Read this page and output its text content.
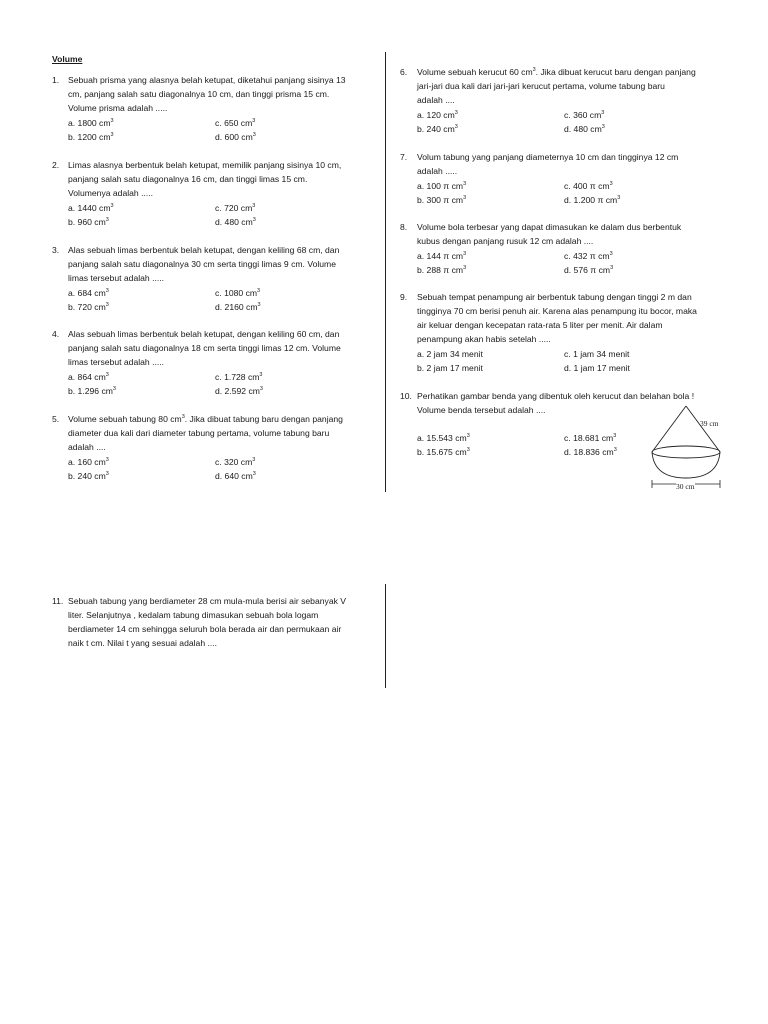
Volume
1. Sebuah prisma yang alasnya belah ketupat, diketahui panjang sisinya 13
cm, panjang salah satu diagonalnya 10 cm, dan tinggi prisma 15 cm.
Volume prisma adalah .....
a. 1800 $cm^3$
b. 1200 $cm^3$
c. 650 $cm^3$
d. 600 $cm^3$
2. Limas alasnya berbentuk belah ketupat, memilik panjang sisinya 10 cm,
panjang salah satu diagonalnya 16 cm, dan tinggi limas 15 cm.
Volumenya adalah .....
a. 1440 $cm^3$
b. 960 $cm^3$
c. 720 $cm^3$
d. 480 $cm^3$
3. Alas sebuah limas berbentuk belah ketupat, dengan keliling 68 cm, dan
panjang salah satu diagonalnya 30 cm serta tinggi limas 9 cm. Volume
limas tersebut adalah .....
a. 684 $cm^3$
b. 720 $cm^3$
c. 1080 $cm^3$
d. 2160 $cm^3$
4. Alas sebuah limas berbentuk belah ketupat, dengan keliling 60 cm, dan
panjang salah satu diagonalnya 18 cm serta tinggi limas 12 cm. Volume
limas tersebut adalah .....
a. 864 $cm^3$
b. 1.296 $cm^3$
c. 1.728 $cm^3$
d. 2.592 $cm^3$
5. Volume sebuah tabung 80 $cm^3$. Jika dibuat tabung baru dengan panjang
diameter dua kali dari diameter tabung pertama, volume tabung baru
adalah ....
a. 160 $cm^3$
b. 240 $cm^3$
c. 320 $cm^3$
d. 640 $cm^3$
6. Volume sebuah kerucut 60 $cm^3$. Jika dibuat kerucut baru dengan panjang
jari-jari dua kali dari jari-jari kerucut pertama, volume tabung baru
adalah ....
a. 120 $cm^3$
b. 240 $cm^3$
c. 360 $cm^3$
d. 480 $cm^3$
7. Volum tabung yang panjang diameternya 10 cm dan tingginya 12 cm
adalah .....
a. 100 π $cm^3$
b. 300 π $cm^3$
c. 400 π $cm^3$
d. 1.200 π $cm^3$
8. Volume bola terbesar yang dapat dimasukan ke dalam dus berbentuk
kubus dengan panjang rusuk 12 cm adalah ....
a. 144 π $cm^3$
b. 288 π $cm^3$
c. 432 π $cm^3$
d. 576 π $cm^3$
9. Sebuah tempat penampung air berbentuk tabung dengan tinggi 2 m dan
tingginya 70 cm berisi penuh air. Karena alas penampung itu bocor, maka
air keluar dengan kecepatan rata-rata 5 liter per menit. Air dalam
penampung akan habis setelah .....
a. 2 jam 34 menit
b. 2 jam 17 menit
c. 1 jam 34 menit
d. 1 jam 17 menit
10. Perhatikan gambar benda yang dibentuk oleh kerucut dan belahan bola !
Volume benda tersebut adalah ....
a. 15.543 $cm^3$
b. 15.675 $cm^3$
c. 18.681 $cm^3$
d. 18.836 $cm^3$
39 cm
30 cm
11. Sebuah tabung yang berdiameter 28 cm mula-mula berisi air sebanyak V
liter. Selanjutnya , kedalam tabung dimasukan sebuah bola logam
berdiameter 14 cm sehingga seluruh bola berada air dan permukaan air
naik t cm. Nilai t yang sesuai adalah ....
